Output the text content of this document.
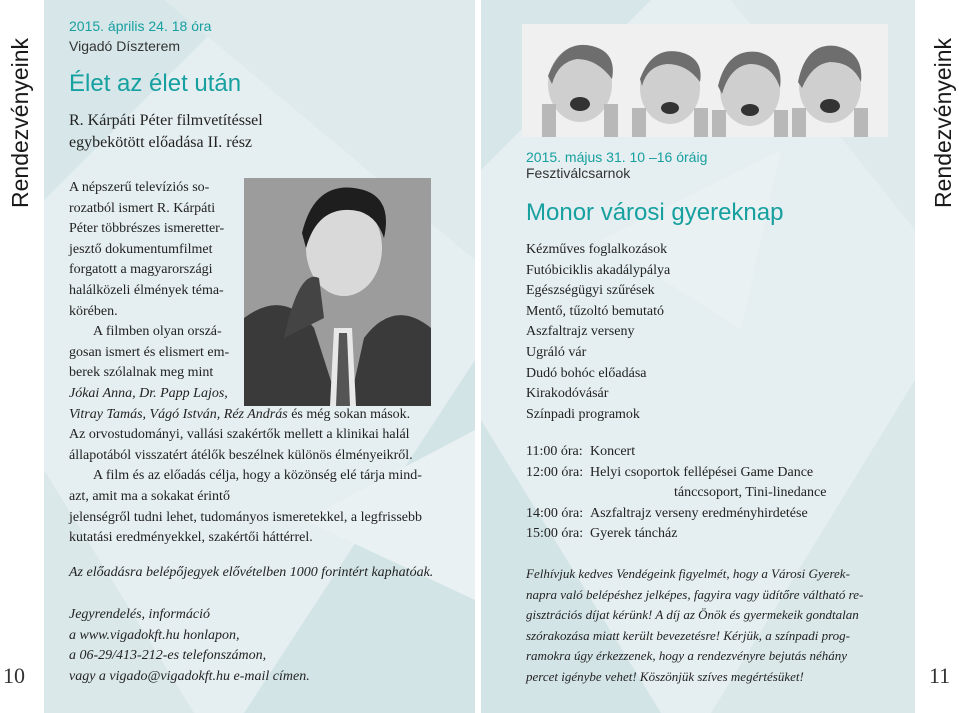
Rendezvényeink	Rendezvényeink
10	11
2015. április 24. 18 óra
Vigadó Díszterem
Élet az élet után
R. Kárpáti Péter filmvetítéssel
egybekötött előadása II. rész
A népszerű televíziós so-
rozatból ismert R. Kárpáti
Péter többrészes ismeretter-
jesztő dokumentumfilmet
forgatott a magyarországi
halálközeli élmények téma-
körében.
A filmben olyan orszá-
gosan ismert és elismert em-
berek szólalnak meg mint
Jókai Anna, Dr. Papp Lajos,
Vitray Tamás, Vágó István, Réz András és még sokan mások.
Az orvostudományi, vallási szakértők mellett a klinikai halál
állapotából visszatért átélők beszélnek különös élményeikről.
A film és az előadás célja, hogy a közönség elé tárja mind-
azt, amit ma a sokakat érintő
jelenségről tudni lehet, tudományos ismeretekkel, a legfrissebb
kutatási eredményekkel, szakértői háttérrel.
Az előadásra belépőjegyek elővételben 1000 forintért kaphatóak.
Jegyrendelés, információ
a www.vigadokft.hu honlapon,
a 06-29/413-212-es telefonszámon,
vagy a vigado@vigadokft.hu e-mail címen.
2015. május 31. 10 –16 óráig
Fesztiválcsarnok
Monor városi gyereknap
Kézműves foglalkozások
Futóbiciklis akadálypálya
Egészségügyi szűrések
Mentő, tűzoltó bemutató
Aszfaltrajz verseny
Ugráló vár
Dudó bohóc előadása
Kirakodóvásár
Színpadi programok
11:00 óra: Koncert
12:00 óra: Helyi csoportok fellépései Game Dance
tánccsoport, Tini-linedance
14:00 óra: Aszfaltrajz verseny eredményhirdetése
15:00 óra: Gyerek táncház
Felhívjuk kedves Vendégeink figyelmét, hogy a Városi Gyerek-
napra való belépéshez jelképes, fagyira vagy üdítőre váltható re-
gisztrációs díjat kérünk! A díj az Önök és gyermekeik gondtalan
szórakozása miatt került bevezetésre! Kérjük, a színpadi prog-
ramokra úgy érkezzenek, hogy a rendezvényre bejutás néhány
percet igénybe vehet! Köszönjük szíves megértésüket!
